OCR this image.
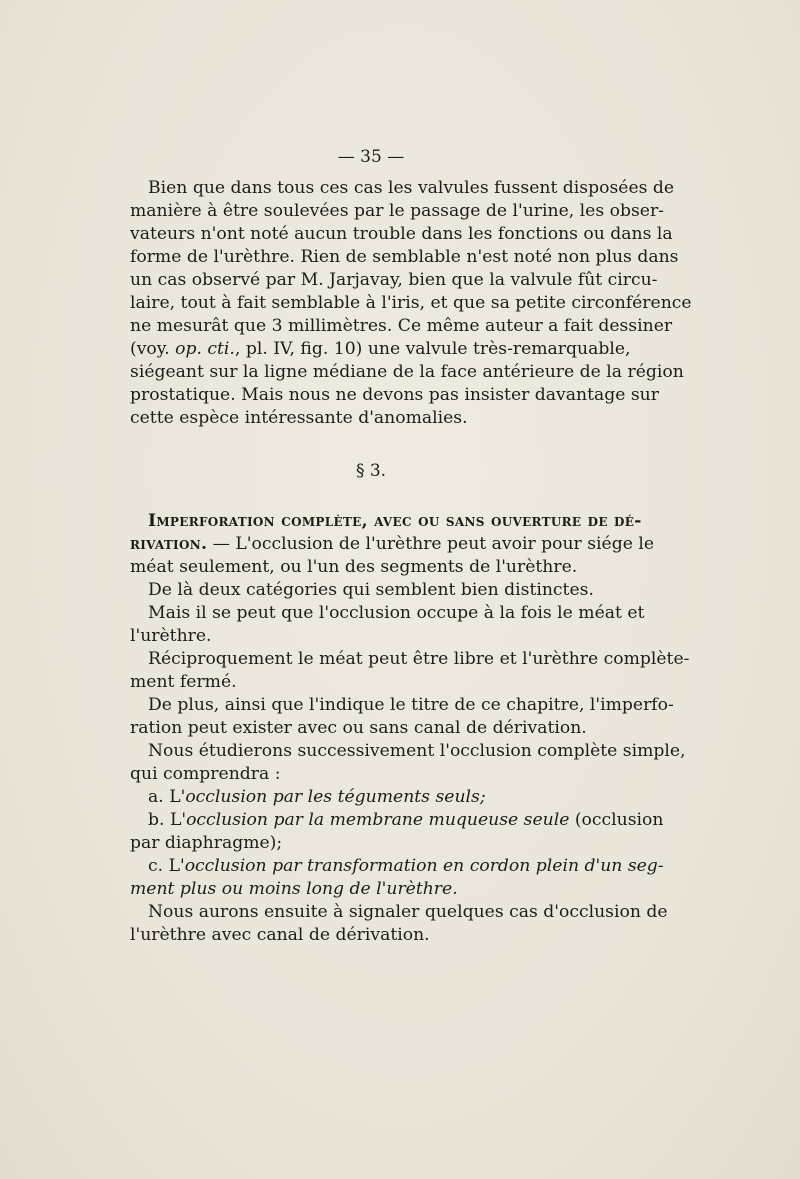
— 35 —
Bien que dans tous ces cas les valvules fussent disposées de
manière à être soulevées par le passage de l'urine, les obser-
vateurs n'ont noté aucun trouble dans les fonctions ou dans la
forme de l'urèthre. Rien de semblable n'est noté non plus dans
un cas observé par M. Jarjavay, bien que la valvule fût circu-
laire, tout à fait semblable à l'iris, et que sa petite circonférence
ne mesurât que 3 millimètres. Ce même auteur a fait dessiner
(voy. op. cti., pl. IV, fig. 10) une valvule très-remarquable,
siégeant sur la ligne médiane de la face antérieure de la région
prostatique. Mais nous ne devons pas insister davantage sur
cette espèce intéressante d'anomalies.
§ 3.
Imperforation complète, avec ou sans ouverture de dé-
rivation. — L'occlusion de l'urèthre peut avoir pour siége le
méat seulement, ou l'un des segments de l'urèthre.
De là deux catégories qui semblent bien distinctes.
Mais il se peut que l'occlusion occupe à la fois le méat et
l'urèthre.
Réciproquement le méat peut être libre et l'urèthre complète-
ment fermé.
De plus, ainsi que l'indique le titre de ce chapitre, l'imperfo-
ration peut exister avec ou sans canal de dérivation.
Nous étudierons successivement l'occlusion complète simple,
qui comprendra :
a. L'occlusion par les téguments seuls;
b. L'occlusion par la membrane muqueuse seule (occlusion
par diaphragme);
c. L'occlusion par transformation en cordon plein d'un seg-
ment plus ou moins long de l'urèthre.
Nous aurons ensuite à signaler quelques cas d'occlusion de
l'urèthre avec canal de dérivation.
